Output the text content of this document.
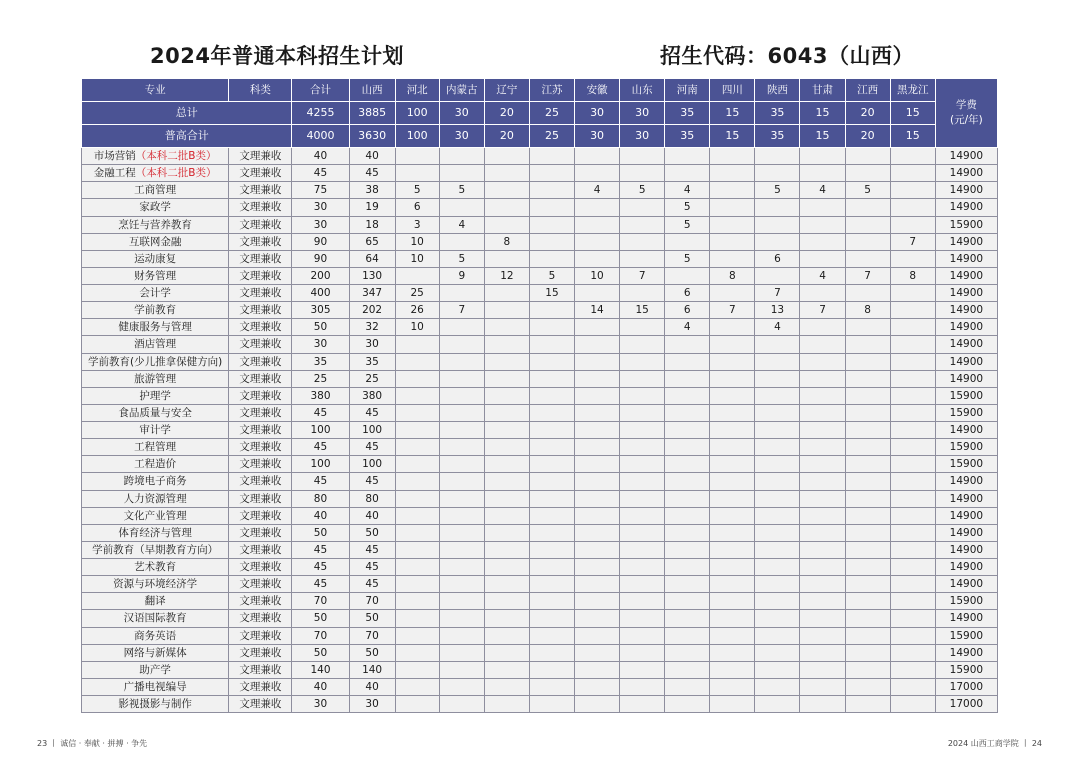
2024年普通本科招生计划	招生代码：6043（山西）
专业	科类	合计	山西	河北	内蒙古	辽宁	江苏	安徽	山东	河南	四川	陕西	甘肃	江西	黑龙江	学费
(元/年)
总计		4255	3885	100	30	20	25	30	30	35	15	35	15	20	15	
普高合计		4000	3630	100	30	20	25	30	30	35	15	35	15	20	15	
市场营销（本科二批B类）	文理兼收	40	40													14900
金融工程（本科二批B类）	文理兼收	45	45													14900
工商管理	文理兼收	75	38	5	5			4	5	4		5	4	5		14900
家政学	文理兼收	30	19	6						5						14900
烹饪与营养教育	文理兼收	30	18	3	4					5						15900
互联网金融	文理兼收	90	65	10		8									7	14900
运动康复	文理兼收	90	64	10	5					5		6				14900
财务管理	文理兼收	200	130		9	12	5	10	7		8		4	7	8	14900
会计学	文理兼收	400	347	25			15			6		7				14900
学前教育	文理兼收	305	202	26	7			14	15	6	7	13	7	8		14900
健康服务与管理	文理兼收	50	32	10						4		4				14900
酒店管理	文理兼收	30	30													14900
学前教育(少儿推拿保健方向)	文理兼收	35	35													14900
旅游管理	文理兼收	25	25													14900
护理学	文理兼收	380	380													15900
食品质量与安全	文理兼收	45	45													15900
审计学	文理兼收	100	100													14900
工程管理	文理兼收	45	45													15900
工程造价	文理兼收	100	100													15900
跨境电子商务	文理兼收	45	45													14900
人力资源管理	文理兼收	80	80													14900
文化产业管理	文理兼收	40	40													14900
体育经济与管理	文理兼收	50	50													14900
学前教育（早期教育方向）	文理兼收	45	45													14900
艺术教育	文理兼收	45	45													14900
资源与环境经济学	文理兼收	45	45													14900
翻译	文理兼收	70	70													15900
汉语国际教育	文理兼收	50	50													14900
商务英语	文理兼收	70	70													15900
网络与新媒体	文理兼收	50	50													14900
助产学	文理兼收	140	140													15900
广播电视编导	文理兼收	40	40													17000
影视摄影与制作	文理兼收	30	30													17000
23 丨 诚信 · 奉献 · 拼搏 · 争先	2024 山西工商学院 丨 24
